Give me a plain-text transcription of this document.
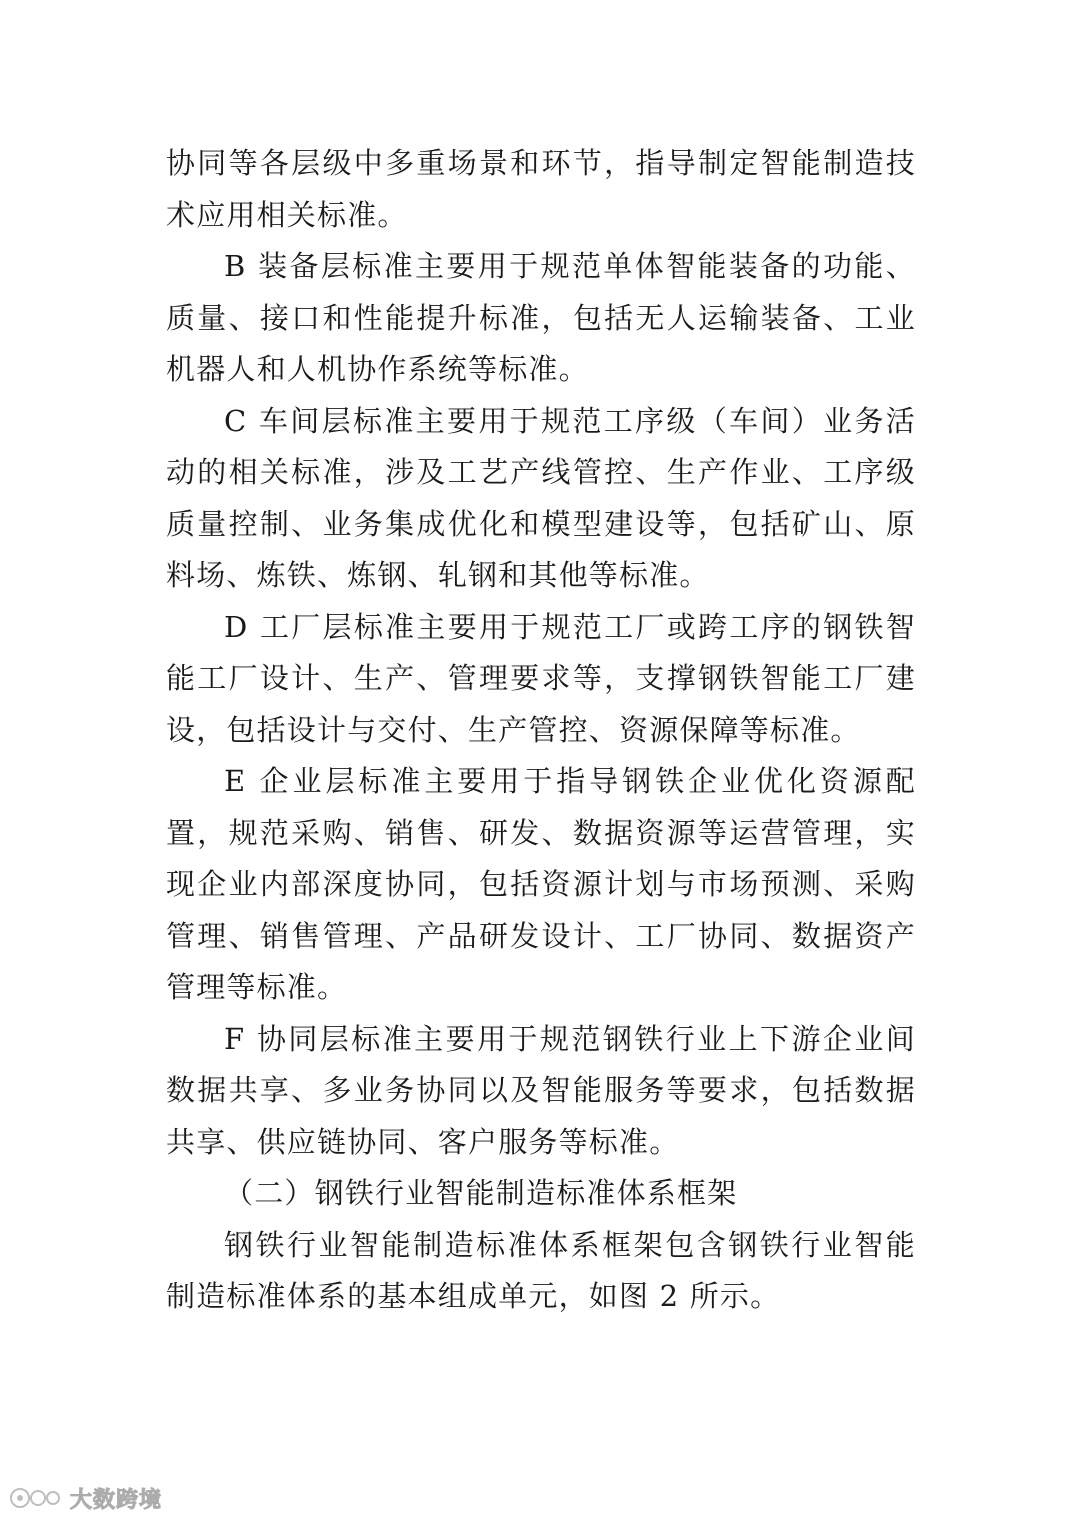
协同等各层级中多重场景和环节，指导制定智能制造技术应用相关标准。

B 装备层标准主要用于规范单体智能装备的功能、质量、接口和性能提升标准，包括无人运输装备、工业机器人和人机协作系统等标准。

C 车间层标准主要用于规范工序级（车间）业务活动的相关标准，涉及工艺产线管控、生产作业、工序级质量控制、业务集成优化和模型建设等，包括矿山、原料场、炼铁、炼钢、轧钢和其他等标准。

D 工厂层标准主要用于规范工厂或跨工序的钢铁智能工厂设计、生产、管理要求等，支撑钢铁智能工厂建设，包括设计与交付、生产管控、资源保障等标准。

E 企业层标准主要用于指导钢铁企业优化资源配置，规范采购、销售、研发、数据资源等运营管理，实现企业内部深度协同，包括资源计划与市场预测、采购管理、销售管理、产品研发设计、工厂协同、数据资产管理等标准。

F 协同层标准主要用于规范钢铁行业上下游企业间数据共享、多业务协同以及智能服务等要求，包括数据共享、供应链协同、客户服务等标准。

（二）钢铁行业智能制造标准体系框架

钢铁行业智能制造标准体系框架包含钢铁行业智能制造标准体系的基本组成单元，如图 2 所示。

大数跨境
